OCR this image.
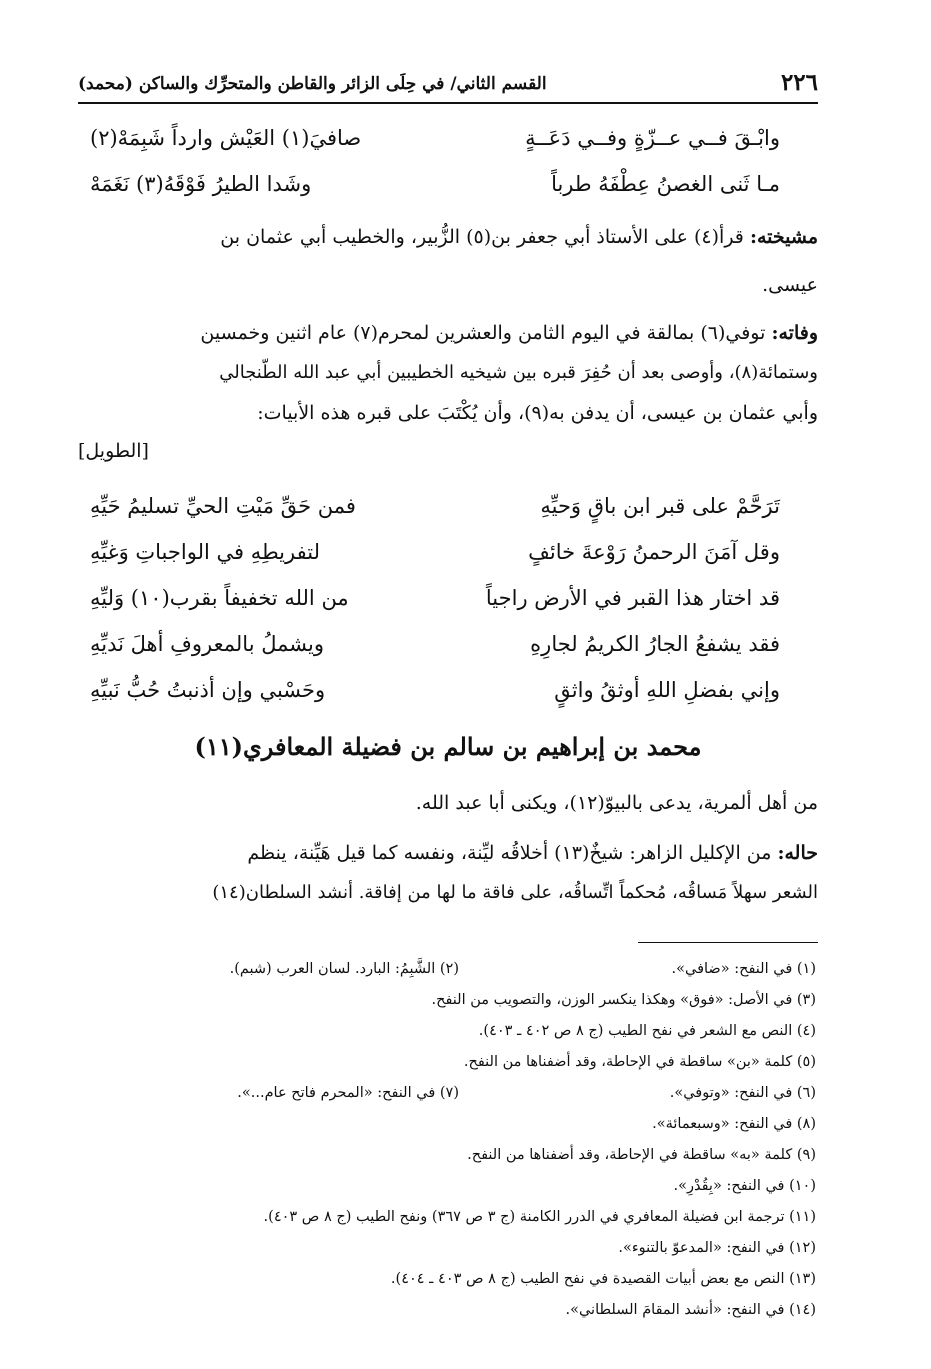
٢٢٦
القسم الثاني/ في حِلَى الزائر والقاطن والمتحرِّك والساكن (محمد)
وابْـقَ فــي عــزّةٍ وفــي دَعَــةٍ
صافيَ(١) العَيْش وارداً شَبِمَهْ(٢)
مـا ثَنى الغصنُ عِطْفَهُ طرباً
وشَدا الطيرُ فَوْقَهُ(٣) نَغَمَهْ
مشيخته: قرأ(٤) على الأستاذ أبي جعفر بن(٥) الزُّبير، والخطيب أبي عثمان بن
عيسى.
وفاته: توفي(٦) بمالقة في اليوم الثامن والعشرين لمحرم(٧) عام اثنين وخمسين
وستمائة(٨)، وأوصى بعد أن حُفِرَ قبره بين شيخيه الخطيبين أبي عبد الله الطّنجالي
وأبي عثمان بن عيسى، أن يدفن به(٩)، وأن يُكْتَبَ على قبره هذه الأبيات:
[الطويل]
تَرَحَّمْ على قبر ابن باقٍ وَحيِّهِ
فمن حَقِّ مَيْتِ الحيِّ تسليمُ حَيِّهِ
وقل آمَنَ الرحمنُ رَوْعةَ خائفٍ
لتفريطِهِ في الواجباتِ وَغيِّهِ
قد اختار هذا القبر في الأرض راجياً
من الله تخفيفاً بقرب(١٠) وَليِّهِ
فقد يشفعُ الجارُ الكريمُ لجارِهِ
ويشملُ بالمعروفِ أهلَ نَديِّهِ
وإني بفضلِ اللهِ أوثقُ واثقٍ
وحَسْبي وإن أذنبتُ حُبُّ نَبيِّهِ
محمد بن إبراهيم بن سالم بن فضيلة المعافري(١١)
من أهل ألمرية، يدعى بالبيوّ(١٢)، ويكنى أبا عبد الله.
حاله: من الإكليل الزاهر: شيخٌ(١٣) أخلاقُه ليِّنة، ونفسه كما قيل هَيِّنة، ينظم
الشعر سهلاً مَساقُه، مُحكماً اتِّساقُه، على فاقة ما لها من إفاقة. أنشد السلطان(١٤)
(١) في النفح: «ضافي».
(٢) الشَّبِمُ: البارد. لسان العرب (شبم).
(٣) في الأصل: «فوق» وهكذا ينكسر الوزن، والتصويب من النفح.
(٤) النص مع الشعر في نفح الطيب (ج ٨ ص ٤٠٢ ـ ٤٠٣).
(٥) كلمة «بن» ساقطة في الإحاطة، وقد أضفناها من النفح.
(٦) في النفح: «وتوفي».
(٧) في النفح: «المحرم فاتح عام...».
(٨) في النفح: «وسبعمائة».
(٩) كلمة «به» ساقطة في الإحاطة، وقد أضفناها من النفح.
(١٠) في النفح: «بِقُدْرِ».
(١١) ترجمة ابن فضيلة المعافري في الدرر الكامنة (ج ٣ ص ٣٦٧) ونفح الطيب (ج ٨ ص ٤٠٣).
(١٢) في النفح: «المدعوّ بالتنوء».
(١٣) النص مع بعض أبيات القصيدة في نفح الطيب (ج ٨ ص ٤٠٣ ـ ٤٠٤).
(١٤) في النفح: «أنشد المقامَ السلطاني».
